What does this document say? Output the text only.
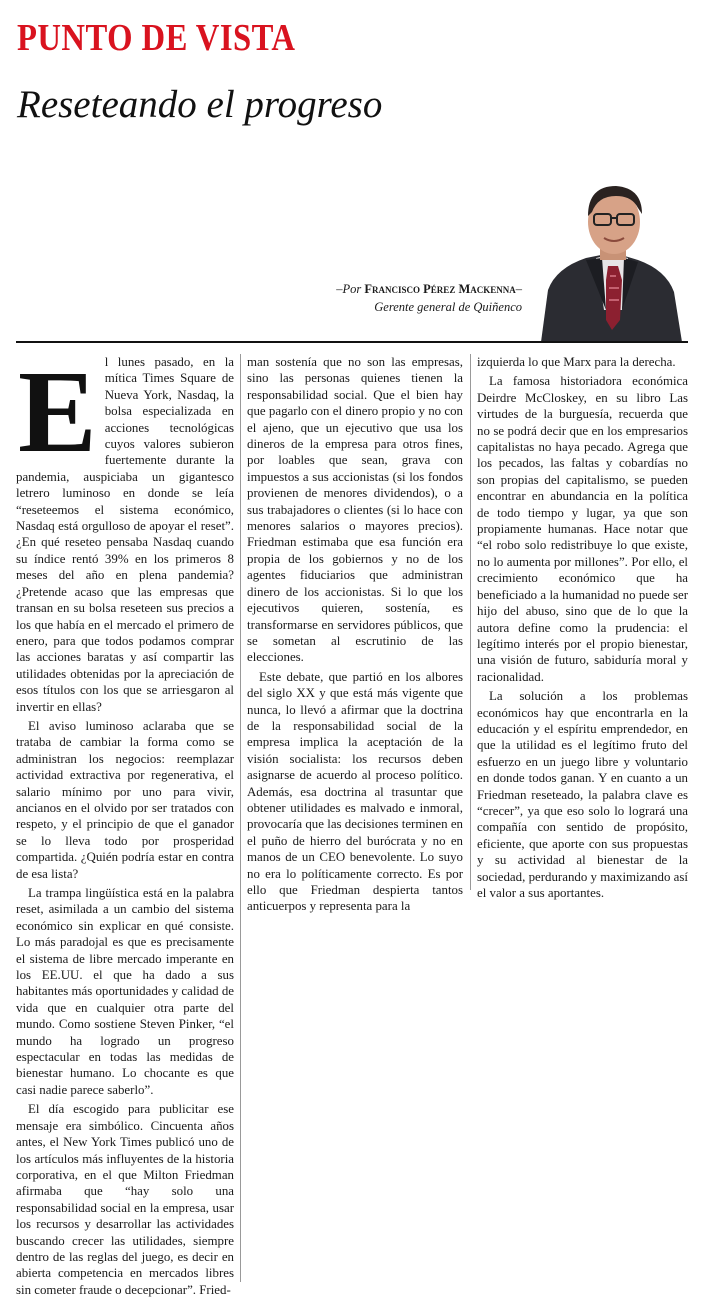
PUNTO DE VISTA
Reseteando el progreso
–Por Francisco Pérez Mackenna–
Gerente general de Quiñenco

El lunes pasado, en la mítica Times Square de Nueva York, Nasdaq, la bolsa especializada en acciones tecnológicas cuyos valores subieron fuertemente durante la pandemia, auspiciaba un gigantesco letrero luminoso en donde se leía “reseteemos el sistema económico, Nasdaq está orgulloso de apoyar el reset”. ¿En qué reseteo pensaba Nasdaq cuando su índice rentó 39% en los primeros 8 meses del año en plena pandemia? ¿Pretende acaso que las empresas que transan en su bolsa reseteen sus precios a los que había en el mercado el primero de enero, para que todos podamos comprar las acciones baratas y así compartir las utilidades obtenidas por la apreciación de esos títulos con los que se arriesgaron al invertir en ellas?

El aviso luminoso aclaraba que se trataba de cambiar la forma como se administran los negocios: reemplazar actividad extractiva por regenerativa, el salario mínimo por uno para vivir, ancianos en el olvido por ser tratados con respeto, y el principio de que el ganador se lo lleva todo por prosperidad compartida. ¿Quién podría estar en contra de esa lista?

La trampa lingüística está en la palabra reset, asimilada a un cambio del sistema económico sin explicar en qué consiste. Lo más paradojal es que es precisamente el sistema de libre mercado imperante en los EE.UU. el que ha dado a sus habitantes más oportunidades y calidad de vida que en cualquier otra parte del mundo. Como sostiene Steven Pinker, “el mundo ha logrado un progreso espectacular en todas las medidas de bienestar humano. Lo chocante es que casi nadie parece saberlo”.

El día escogido para publicitar ese mensaje era simbólico. Cincuenta años antes, el New York Times publicó uno de los artículos más influyentes de la historia corporativa, en el que Milton Friedman afirmaba que “hay solo una responsabilidad social en la empresa, usar los recursos y desarrollar las actividades buscando crecer las utilidades, siempre dentro de las reglas del juego, es decir en abierta competencia en mercados libres sin cometer fraude o decepcionar”. Fried-

man sostenía que no son las empresas, sino las personas quienes tienen la responsabilidad social. Que el bien hay que pagarlo con el dinero propio y no con el ajeno, que un ejecutivo que usa los dineros de la empresa para otros fines, por loables que sean, grava con impuestos a sus accionistas (si los fondos provienen de menores dividendos), o a sus trabajadores o clientes (si lo hace con menores salarios o mayores precios). Friedman estimaba que esa función era propia de los gobiernos y no de los agentes fiduciarios que administran dinero de los accionistas. Si lo que los ejecutivos quieren, sostenía, es transformarse en servidores públicos, que se sometan al escrutinio de las elecciones.

Este debate, que partió en los albores del siglo XX y que está más vigente que nunca, lo llevó a afirmar que la doctrina de la responsabilidad social de la empresa implica la aceptación de la visión socialista: los recursos deben asignarse de acuerdo al proceso político. Además, esa doctrina al trasuntar que obtener utilidades es malvado e inmoral, provocaría que las decisiones terminen en el puño de hierro del burócrata y no en manos de un CEO benevolente. Lo suyo no era lo políticamente correcto. Es por ello que Friedman despierta tantos anticuerpos y representa para la

izquierda lo que Marx para la derecha.

La famosa historiadora económica Deirdre McCloskey, en su libro Las virtudes de la burguesía, recuerda que no se podrá decir que en los empresarios capitalistas no haya pecado. Agrega que los pecados, las faltas y cobardías no son propias del capitalismo, se pueden encontrar en abundancia en la política de todo tiempo y lugar, ya que son propiamente humanas. Hace notar que “el robo solo redistribuye lo que existe, no lo aumenta por millones”. Por ello, el crecimiento económico que ha beneficiado a la humanidad no puede ser hijo del abuso, sino que de lo que la autora define como la prudencia: el legítimo interés por el propio bienestar, una visión de futuro, sabiduría moral y racionalidad.

La solución a los problemas económicos hay que encontrarla en la educación y el espíritu emprendedor, en que la utilidad es el legítimo fruto del esfuerzo en un juego libre y voluntario en donde todos ganan. Y en cuanto a un Friedman reseteado, la palabra clave es “crecer”, ya que eso solo lo logrará una compañía con sentido de propósito, eficiente, que aporte con sus propuestas y su actividad al bienestar de la sociedad, perdurando y maximizando así el valor a sus aportantes.
